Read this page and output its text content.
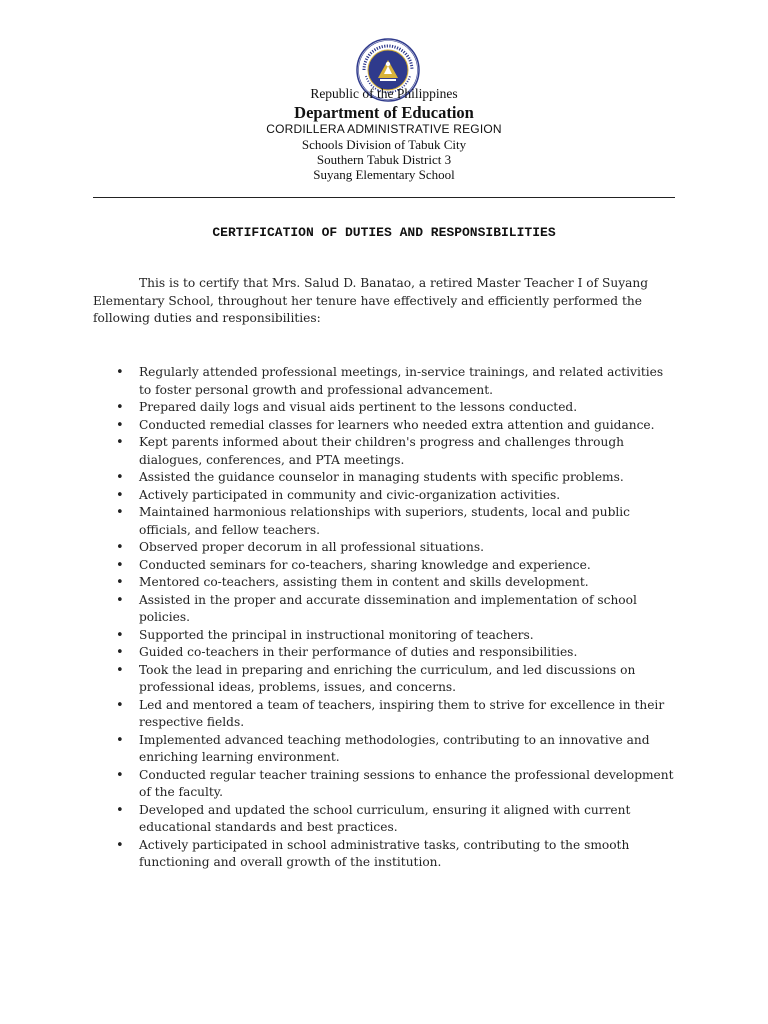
Republic of the Philippines
Department of Education
CORDILLERA ADMINISTRATIVE REGION
Schools Division of Tabuk City
Southern Tabuk District 3
Suyang Elementary School
CERTIFICATION OF DUTIES AND RESPONSIBILITIES

This is to certify that Mrs. Salud D. Banatao, a retired Master Teacher I of Suyang Elementary School, throughout her tenure have effectively and efficiently performed the following duties and responsibilities:

• Regularly attended professional meetings, in-service trainings, and related activities to foster personal growth and professional advancement.
• Prepared daily logs and visual aids pertinent to the lessons conducted.
• Conducted remedial classes for learners who needed extra attention and guidance.
• Kept parents informed about their children's progress and challenges through dialogues, conferences, and PTA meetings.
• Assisted the guidance counselor in managing students with specific problems.
• Actively participated in community and civic-organization activities.
• Maintained harmonious relationships with superiors, students, local and public officials, and fellow teachers.
• Observed proper decorum in all professional situations.
• Conducted seminars for co-teachers, sharing knowledge and experience.
• Mentored co-teachers, assisting them in content and skills development.
• Assisted in the proper and accurate dissemination and implementation of school policies.
• Supported the principal in instructional monitoring of teachers.
• Guided co-teachers in their performance of duties and responsibilities.
• Took the lead in preparing and enriching the curriculum, and led discussions on professional ideas, problems, issues, and concerns.
• Led and mentored a team of teachers, inspiring them to strive for excellence in their respective fields.
• Implemented advanced teaching methodologies, contributing to an innovative and enriching learning environment.
• Conducted regular teacher training sessions to enhance the professional development of the faculty.
• Developed and updated the school curriculum, ensuring it aligned with current educational standards and best practices.
• Actively participated in school administrative tasks, contributing to the smooth functioning and overall growth of the institution.
